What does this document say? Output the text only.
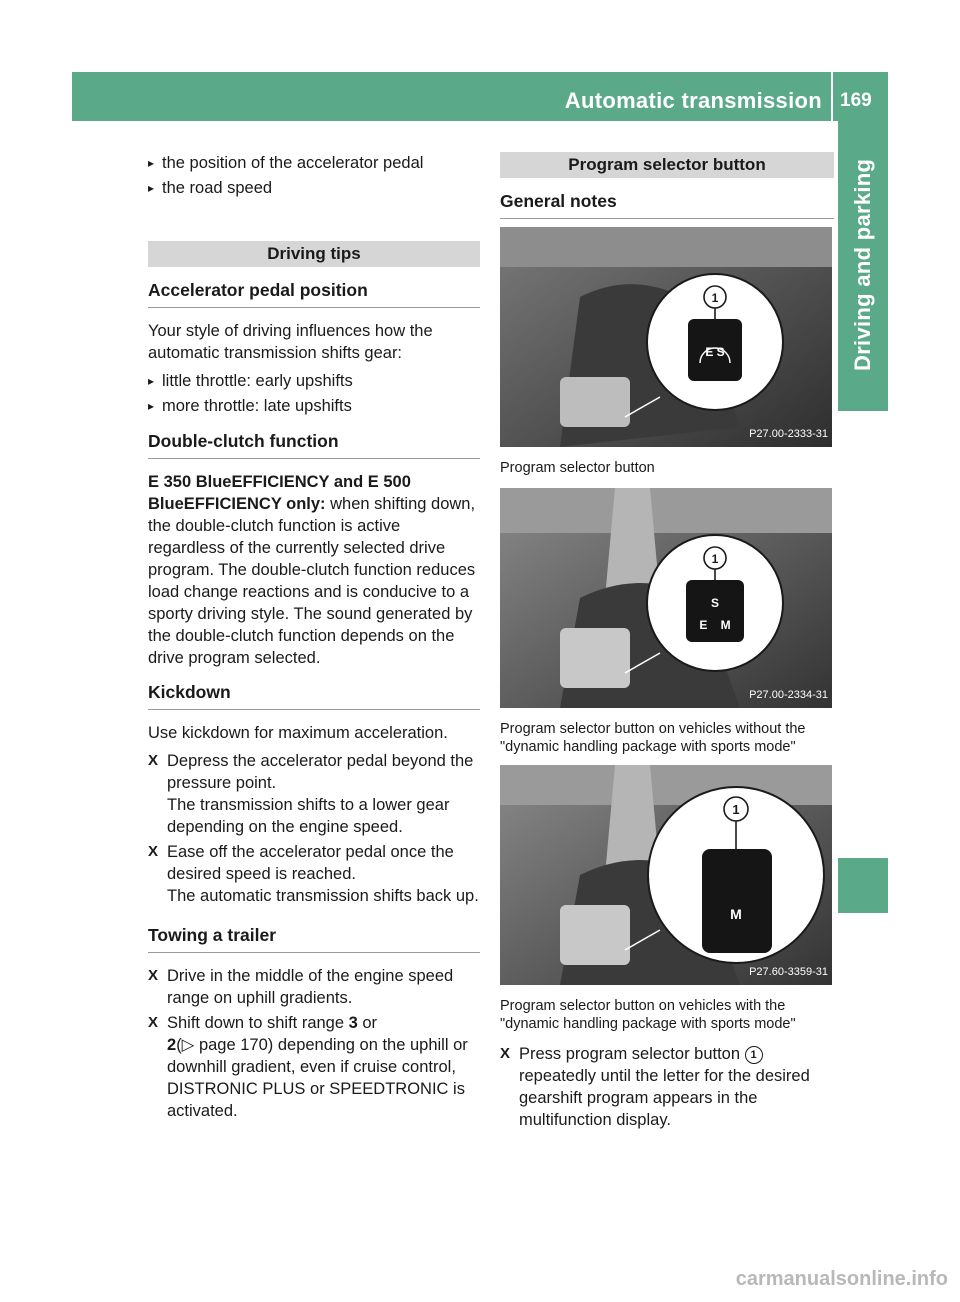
Automatic transmission 169
Driving and parking

▸ the position of the accelerator pedal

▸ the road speed

Driving tips
Accelerator pedal position

Your style of driving influences how the automatic transmission shifts gear:

▸ little throttle: early upshifts

▸ more throttle: late upshifts

Double-clutch function

E 350 BlueEFFICIENCY and E 500 BlueEFFICIENCY only: when shifting down, the double-clutch function is active regardless of the currently selected drive program. The double-clutch function reduces load change reactions and is conducive to a sporty driving style. The sound generated by the double-clutch function depends on the drive program selected.

Kickdown

Use kickdown for maximum acceleration.

X Depress the accelerator pedal beyond the pressure point.

The transmission shifts to a lower gear depending on the engine speed.

X Ease off the accelerator pedal once the desired speed is reached.

The automatic transmission shifts back up.

Towing a trailer

X Drive in the middle of the engine speed range on uphill gradients.

X Shift down to shift range 3 or
2(▷ page 170) depending on the uphill or downhill gradient, even if cruise control, DISTRONIC PLUS or SPEEDTRONIC is activated.

Program selector button
General notes
E S
1
P27.00-2333-31

Program selector button

S
E    M
1
P27.00-2334-31

Program selector button on vehicles without the "dynamic handling package with sports mode"

M
1
P27.60-3359-31

Program selector button on vehicles with the "dynamic handling package with sports mode"

X Press program selector button 1 repeatedly until the letter for the desired gearshift program appears in the multifunction display.

carmanualsonline.info
